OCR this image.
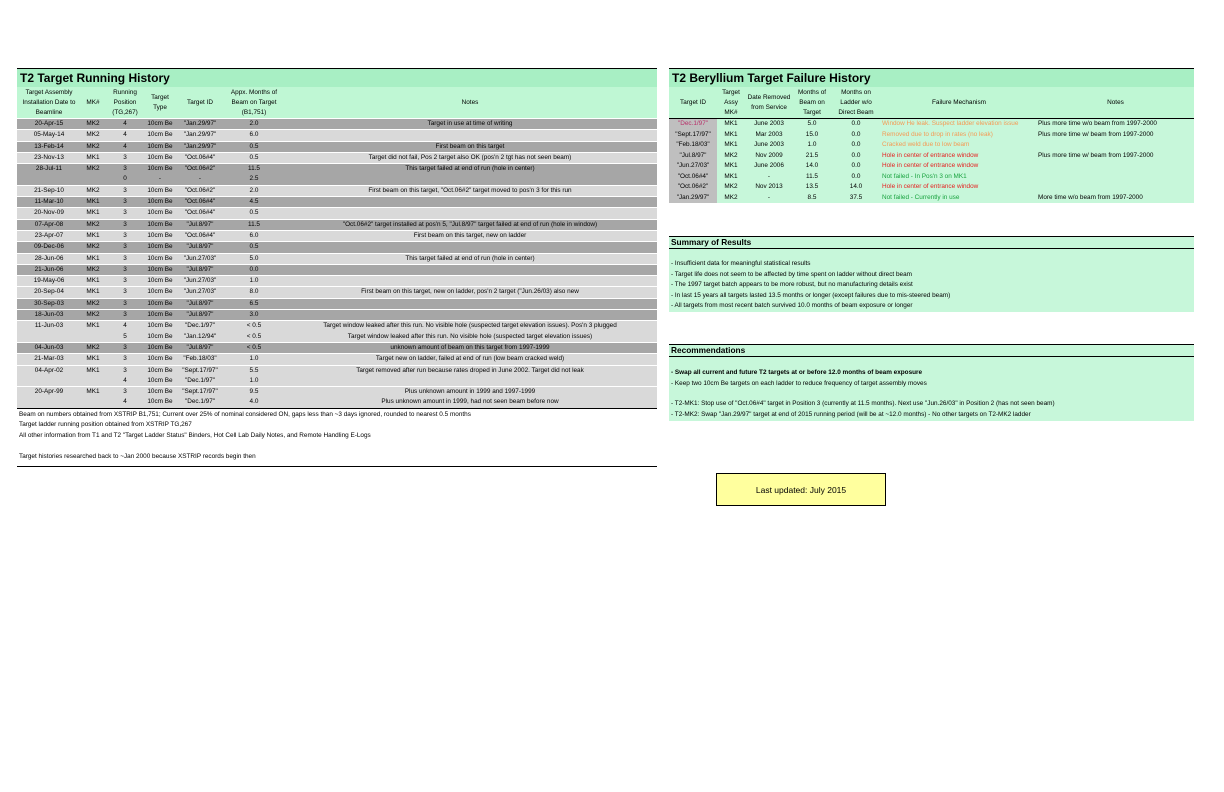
T2 Target Running History
Target Assembly Installation Date to Beamline	MK#	Running Position (TG,267)	Target Type	Target ID	Appx. Months of Beam on Target (B1,751)	Notes
20-Apr-15	MK2	4	10cm Be	"Jan.29/97"	2.0	Target in use at time of writing
05-May-14	MK2	4	10cm Be	"Jan.29/97"	6.0	
13-Feb-14	MK2	4	10cm Be	"Jan.29/97"	0.5	First beam on this target
23-Nov-13	MK1	3	10cm Be	"Oct.06#4"	0.5	Target did not fail, Pos 2 target also OK (pos'n 2 tgt has not seen beam)
28-Jul-11	MK2	3	10cm Be	"Oct.06#2"	11.5	This target failed at end of run (hole in center)
		0	-	-	2.5	
21-Sep-10	MK2	3	10cm Be	"Oct.06#2"	2.0	First beam on this target, "Oct.06#2" target moved to pos'n 3 for this run
11-Mar-10	MK1	3	10cm Be	"Oct.06#4"	4.5	
20-Nov-09	MK1	3	10cm Be	"Oct.06#4"	0.5	
07-Apr-08	MK2	3	10cm Be	"Jul.8/97"	11.5	"Oct.06#2" target installed at pos'n 5, "Jul.8/97" target failed at end of run (hole in window)
23-Apr-07	MK1	3	10cm Be	"Oct.06#4"	6.0	First beam on this target, new on ladder
09-Dec-06	MK2	3	10cm Be	"Jul.8/97"	0.5	
28-Jun-06	MK1	3	10cm Be	"Jun.27/03"	5.0	This target failed at end of run (hole in center)
21-Jun-06	MK2	3	10cm Be	"Jul.8/97"	0.0	
19-May-06	MK1	3	10cm Be	"Jun.27/03"	1.0	
20-Sep-04	MK1	3	10cm Be	"Jun.27/03"	8.0	First beam on this target, new on ladder, pos'n 2 target ("Jun.26/03) also new
30-Sep-03	MK2	3	10cm Be	"Jul.8/97"	6.5	
18-Jun-03	MK2	3	10cm Be	"Jul.8/97"	3.0	
11-Jun-03	MK1	4	10cm Be	"Dec.1/97"	< 0.5	Target window leaked after this run. No visible hole (suspected target elevation issues). Pos'n 3 plugged
		5	10cm Be	"Jan.12/94"	< 0.5	Target window leaked after this run. No visible hole (suspected target elevation issues)
04-Jun-03	MK2	3	10cm Be	"Jul.8/97"	< 0.5	unknown amount of beam on this target from 1997-1999
21-Mar-03	MK1	3	10cm Be	"Feb.18/03"	1.0	Target new on ladder, failed at end of run (low beam cracked weld)
04-Apr-02	MK1	3	10cm Be	"Sept.17/97"	5.5	Target removed after run because rates droped in June 2002. Target did not leak
		4	10cm Be	"Dec.1/97"	1.0	
20-Apr-99	MK1	3	10cm Be	"Sept.17/97"	9.5	Plus unknown amount in 1999 and 1997-1999
		4	10cm Be	"Dec.1/97"	4.0	Plus unknown amount in 1999, had not seen beam before now
Beam on numbers obtained from XSTRIP B1,751; Current over 25% of nominal considered ON, gaps less than ~3 days ignored, rounded to nearest 0.5 months
Target ladder running position obtained from XSTRIP TG,267
All other information from T1 and T2 "Target Ladder Status" Binders, Hot Cell Lab Daily Notes, and Remote Handling E-Logs
Target histories researched back to ~Jan 2000 because XSTRIP records begin then
T2 Beryllium Target Failure History
Target ID	Target Assy MK#	Date Removed from Service	Months of Beam on Target	Months on Ladder w/o Direct Beam	Failure Mechanism	Notes
"Dec.1/97"	MK1	June 2003	5.0	0.0	Window He leak. Suspect ladder elevation issue	Plus more time w/o beam from 1997-2000
"Sept.17/97"	MK1	Mar 2003	15.0	0.0	Removed due to drop in rates (no leak)	Plus more time w/ beam from 1997-2000
"Feb.18/03"	MK1	June 2003	1.0	0.0	Cracked weld due to low beam	
"Jul.8/97"	MK2	Nov 2009	21.5	0.0	Hole in center of entrance window	Plus more time w/ beam from 1997-2000
"Jun.27/03"	MK1	June 2006	14.0	0.0	Hole in center of entrance window	
"Oct.06#4"	MK1	-	11.5	0.0	Not failed - In Pos'n 3 on MK1	
"Oct.06#2"	MK2	Nov 2013	13.5	14.0	Hole in center of entrance window	
"Jan.29/97"	MK2	-	8.5	37.5	Not failed - Currently in use	More time w/o beam from 1997-2000
Summary of Results
- Insufficient data for meaningful statistical results
- Target life does not seem to be affected by time spent on ladder without direct beam
- The 1997 target batch appears to be more robust, but no manufacturing details exist
- In last 15 years all targets lasted 13.5 months or longer (except failures due to mis-steered beam)
- All targets from most recent batch survived 10.0 months of beam exposure or longer
Recommendations
- Swap all current and future T2 targets at or before 12.0 months of beam exposure
- Keep two 10cm Be targets on each ladder to reduce frequency of target assembly moves
- T2-MK1: Stop use of "Oct.06#4" target in Position 3 (currently at 11.5 months). Next use "Jun.26/03" in Position 2 (has not seen beam)
- T2-MK2: Swap "Jan.29/97" target at end of 2015 running period (will be at ~12.0 months) - No other targets on T2-MK2 ladder
Last updated: July 2015
